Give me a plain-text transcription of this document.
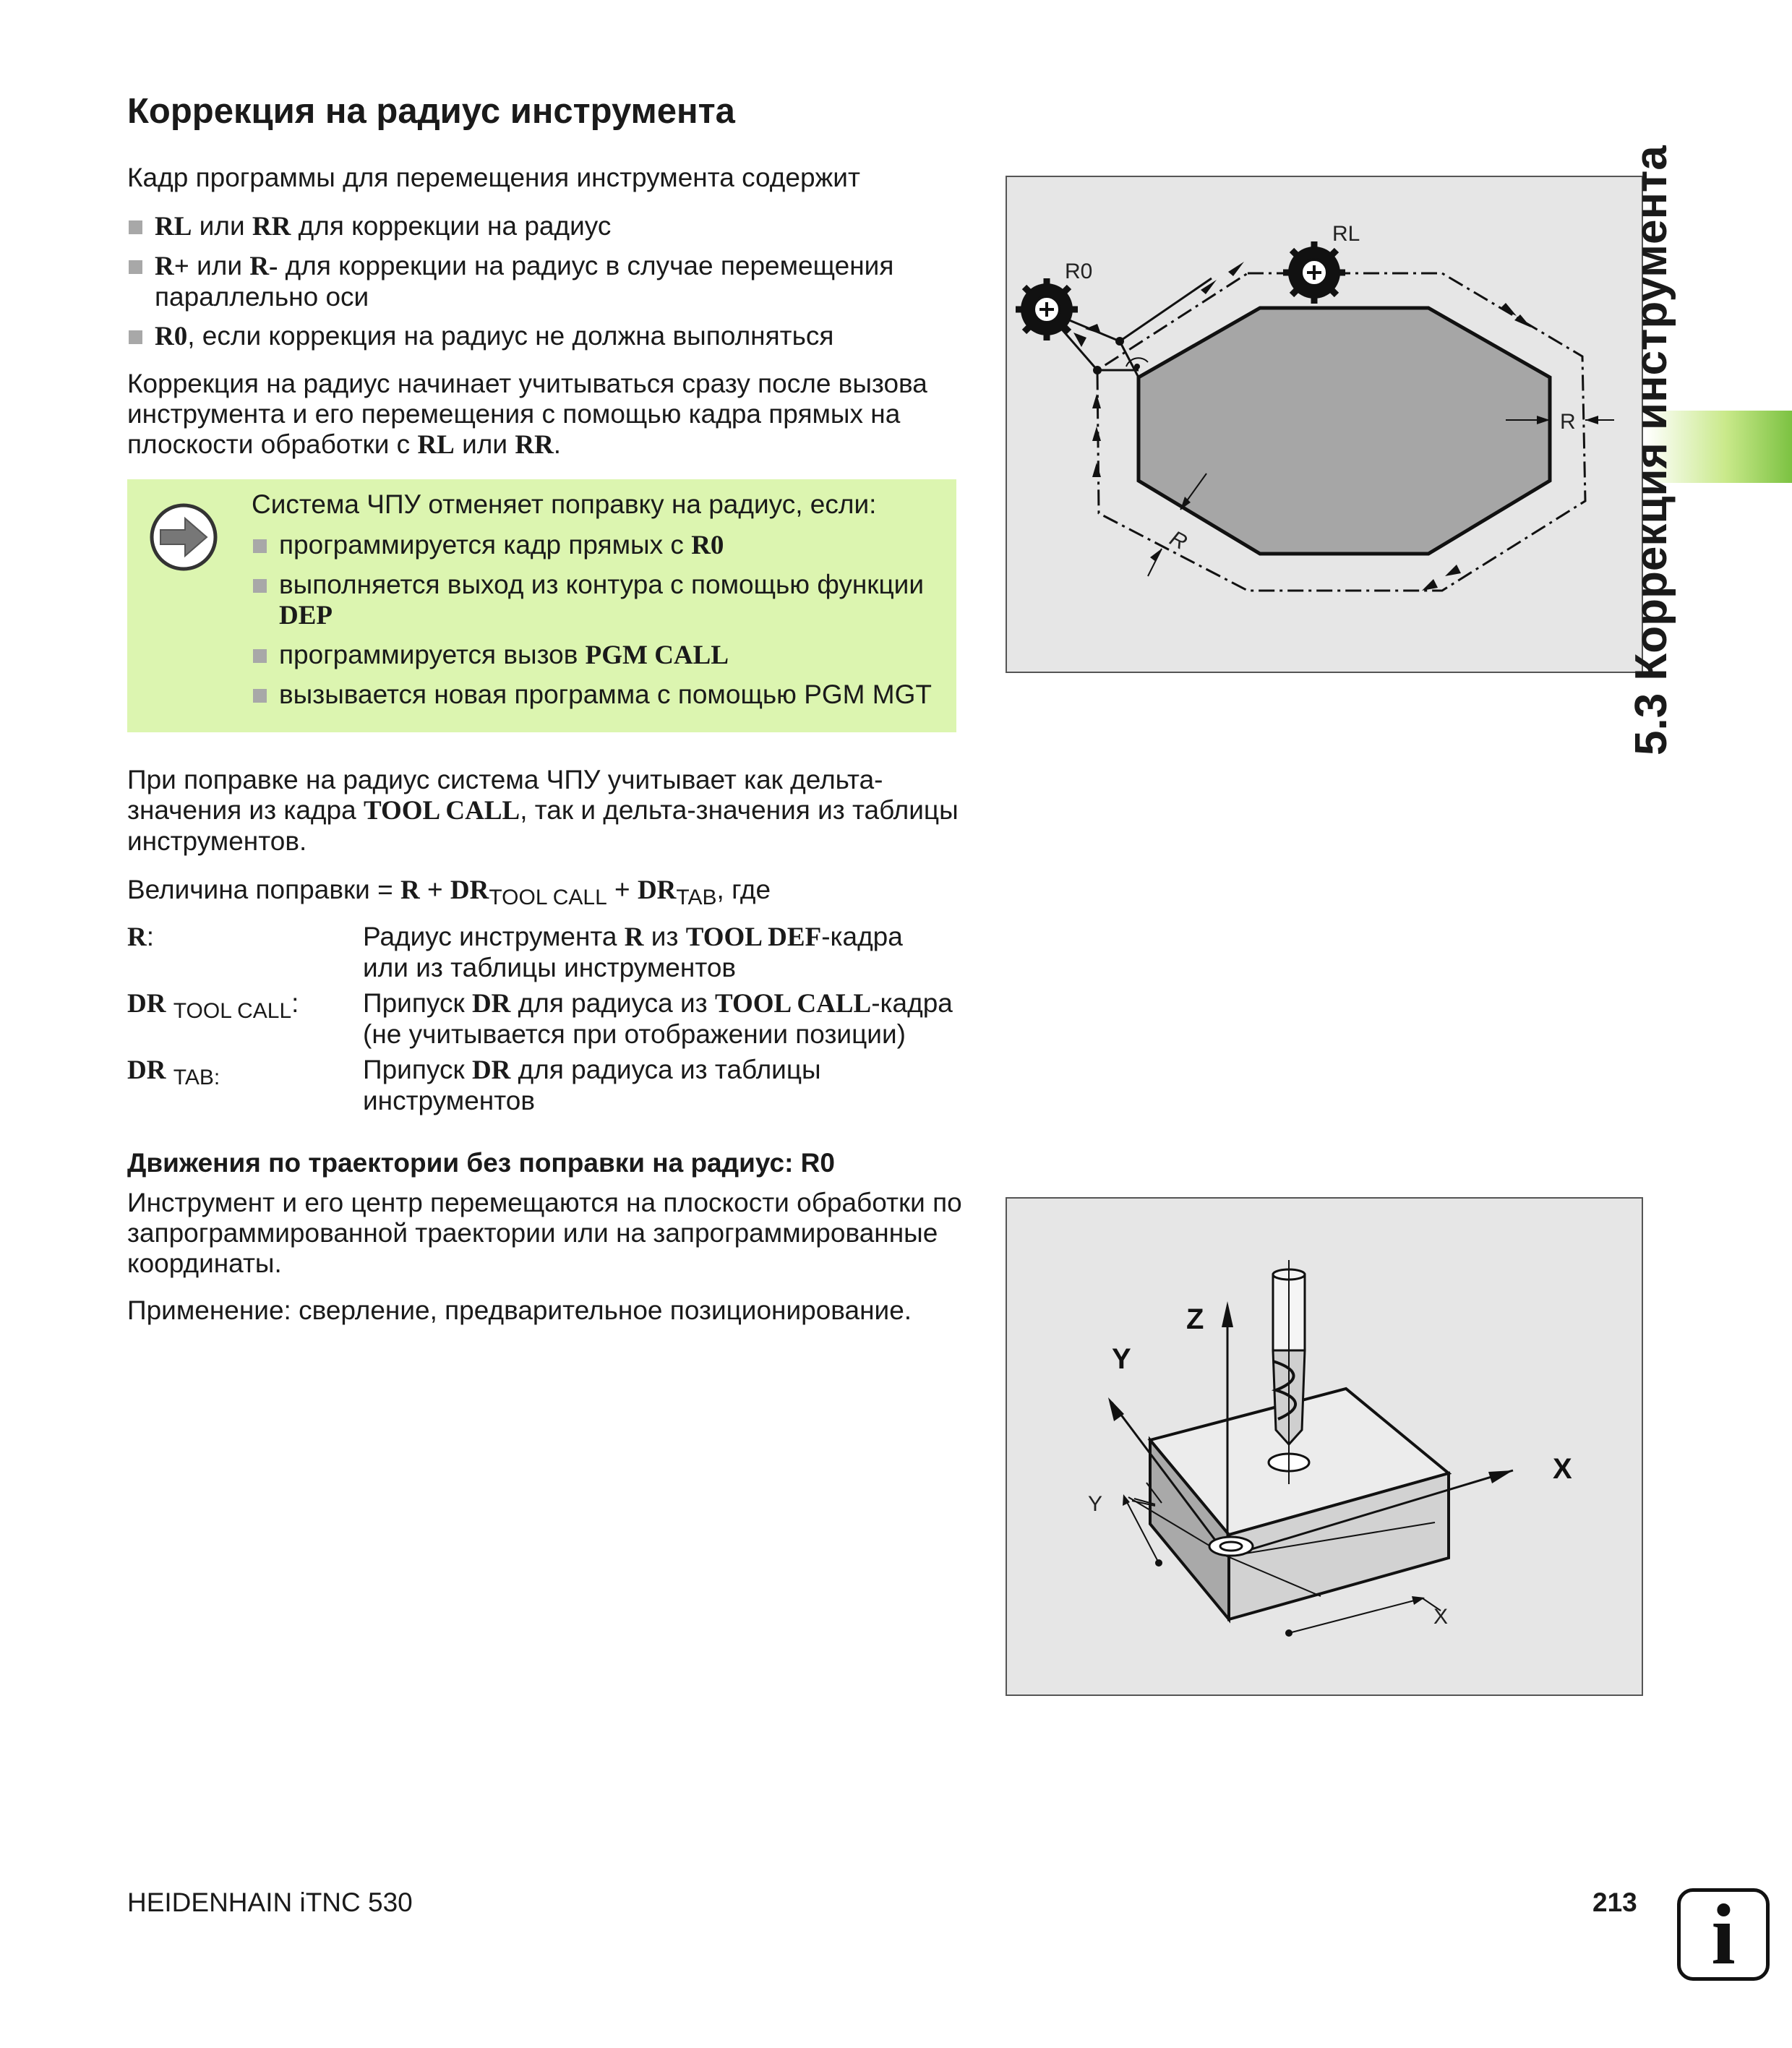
Коррекция на радиус инструмента
Кадр программы для перемещения инструмента содержит
RL или RR для коррекции на радиус
R+ или R- для коррекции на радиус в случае перемещения
параллельно оси
R0, если коррекция на радиус не должна выполняться
Коррекция на радиус начинает учитываться сразу после вызова
инструмента и его перемещения с помощью кадра прямых на
плоскости обработки с RL или RR.
Система ЧПУ отменяет поправку на радиус, если:
программируется кадр прямых с R0
выполняется выход из контура с помощью функции
DEP
программируется вызов PGM CALL
вызывается новая программа с помощью PGM MGT
При поправке на радиус система ЧПУ учитывает как дельта-
значения из кадра TOOL CALL, так и дельта-значения из таблицы
инструментов.
Величина поправки = $R + DR_{TOOL CALL} + DR_{TAB}$, где
R:	Радиус инструмента R из TOOL DEF-кадра
или из таблицы инструментов
DR $_{TOOL CALL}$: Припуск DR для радиуса из TOOL CALL-кадра
(не учитывается при отображении позиции)
DR $_{TAB:}$	Припуск DR для радиуса из таблицы
инструментов
Движения по траектории без поправки на радиус: R0
Инструмент и его центр перемещаются на плоскости обработки по
запрограммированной траектории или на запрограммированные
координаты.
Применение: сверление, предварительное позиционирование.
R0
RL
R
R
Z
Y
X
Y
X
5.3 Коррекция инструмента
HEIDENHAIN iTNC 530	213 i
